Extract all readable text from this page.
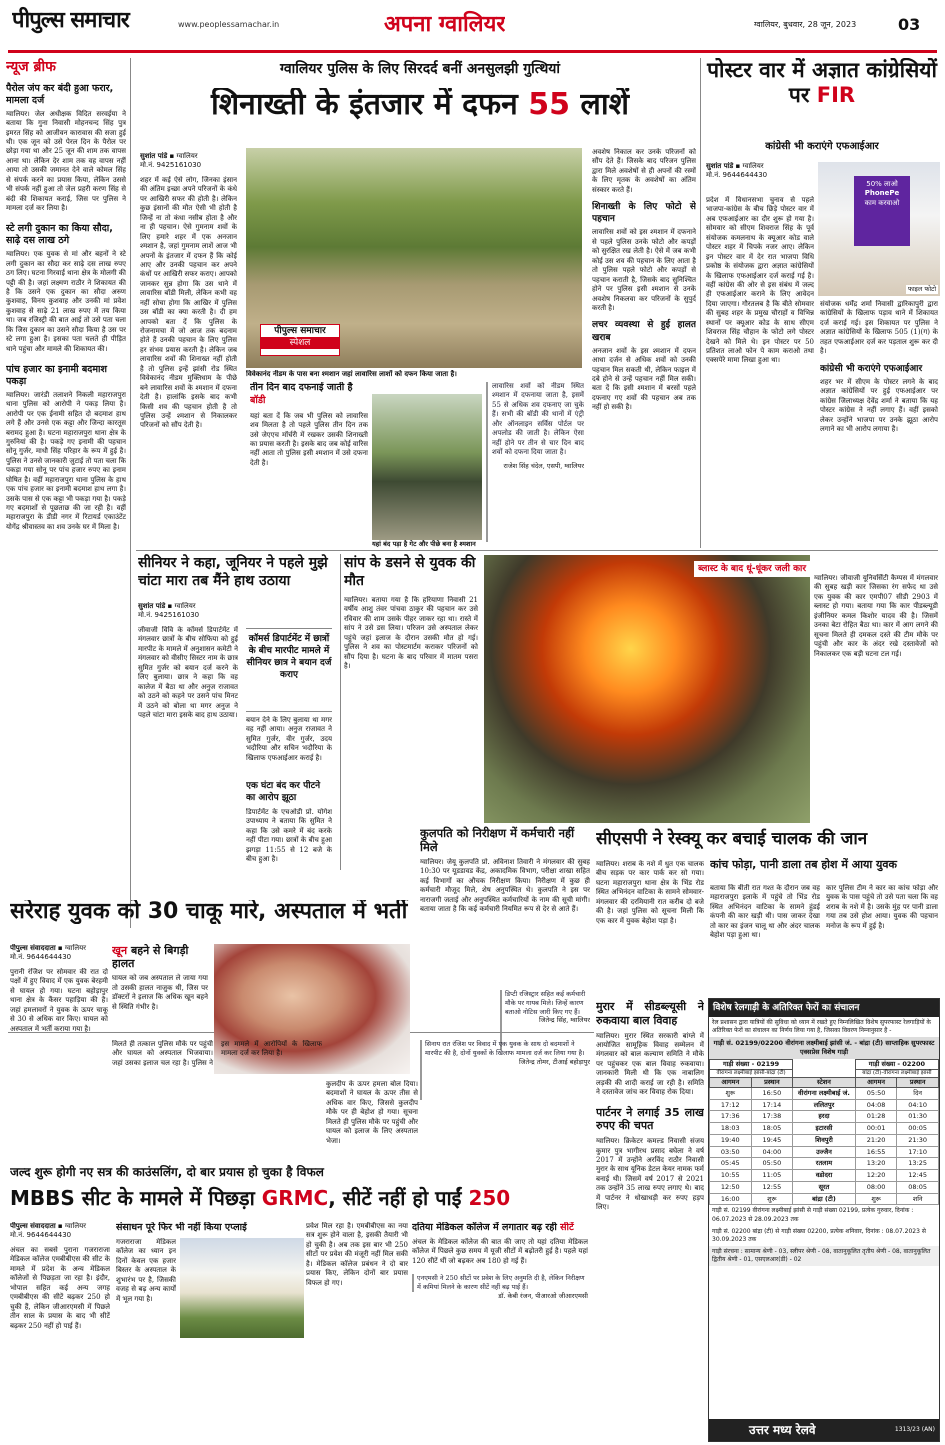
पीपुल्स समाचार	www.peoplessamachar.in	अपना ग्वालियर	ग्वालियर, बुधवार, 28 जून, 2023	03
न्यूज ब्रीफ
पैरोल जंप कर बंदी हुआ फरार, मामला दर्ज
ग्वालियर। जेल अधीक्षक विदित सरवईया ने बताया कि गुना निवासी मोहनचन्द सिंह पुत्र इमरत सिंह को आजीवन कारावास की सजा हुई थी। एक जून को उसे पेरल दिन के पैरोल पर छोड़ा गया था और 25 जून की शाम तक वापस आना था। लेकिन देर शाम तक वह वापस नहीं आया तो उसकी जमानत देने वाले कोमल सिंह से संपर्क करने का प्रयास किया, लेकिन उससे भी संपर्क नहीं हुआ तो जेल प्रहरी करण सिंह से बंदी की शिकायत कराई, जिस पर पुलिस ने मामला दर्ज कर लिया है।
स्टे लगी दुकान का किया सौदा, साढ़े दस लाख ठगे
ग्वालियर। एक युवक से मां और बहनों ने स्टे लगी दुकान का सौदा कर साढ़े दस लाख रुपए ठग लिए। घटना गिरवाई थाना क्षेत्र के मोलगी की पट्टी की है। जहां लक्ष्मण राठौर ने शिकायत की है कि उसने एक दुकान का सौदा अरुण कुशवाह, विनय कुशवाह और उनकी मां प्रवेश कुशवाह से साढ़े 21 लाख रुपए में तय किया था। जब रजिस्ट्री की बात आई तो उसे पता चला कि जिस दुकान का उसने सौदा किया है उस पर स्टे लगा हुआ है। इसका पता चलते ही पीड़ित थाने पहुंचा और मामले की शिकायत की।
पांच हजार का इनामी बदमाश पकड़ा
ग्वालियर। जारंडी तलाशने निकली महाराजपुरा थाना पुलिस को आरोपी ने पकड़ लिया है। आरोपी पर एक ईनामी सहित दो बदमाश हाथ लगे हैं और उनसे एक कट्टा और जिन्दा कारतूस बरामद हुआ है। घटना महाराजपुरा थाना क्षेत्र के गुरुनियां की है। पकड़े गए इनामी की पहचान सोनू गुर्जर, माधौ सिंह परिहार के रूप में हुई है। पुलिस ने उनसे जानकारी जुटाई तो पता चला कि पकड़ा गया सोनू पर पांच हजार रुपए का इनाम घोषित है। वहीं महाराजपुरा थाना पुलिस के हाथ एक पांच हजार का इनामी बदमाश हाथ लगा है। उसके पास से एक कट्टा भी पकड़ा गया है। पकड़े गए बदमाशों से पूछताछ की जा रही है। वहीं महाराजपुरा के डीडी नगर में रिटायर्ड एकाउंटेंट योगेंद्र श्रीवास्तव का शव उनके घर में मिला है।
ग्वालियर पुलिस के लिए सिरदर्द बनीं अनसुलझी गुत्थियां
शिनाख्ती के इंतजार में दफन 55 लाशें
सुशांत पांडे ▪ ग्वालियर
मो.नं. 9425161030
शहर में कई ऐसे लोग, जिनका इंसान की अंतिम इच्छा अपने परिजनों के कंधे पर आखिरी सफर की होती है। लेकिन कुछ इंसानों की मौत ऐसी भी होती है जिन्हें ना तो कंधा नसीब होता है और ना ही पहचान। ऐसे गुमनाम शवों के लिए हमारे शहर में एक अनजान श्मशान है, जहां गुमनाम लाशें आज भी अपनों के इंतजार में दफन हैं कि कोई आए और उनकी पहचान कर अपने कंधों पर आखिरी सफर कराए। आपको जानकर सुन्न होगा कि उस थाने में लावारिस बॉडी मिली, लेकिन कभी वह नहीं सोचा होगा कि आखिर में पुलिस उस बॉडी का क्या करती है। दी हम आपको बता दें कि पुलिस के रोजनामचा में जो आज तक बदनाम होते हैं उनकी पहचान के लिए पुलिस हर संभव प्रयास करती है। लेकिन जब लावारिस शवों की शिनाख्त नहीं होती है तो पुलिस इन्हें झांसी रोड स्थित विवेकानंद नीडम मुक्तिधाम के पीछे बने लावारिस शवों के श्मशान में दफना देती है। हालांकि इसके बाद कभी किसी शव की पहचान होती है तो पुलिस उन्हें श्मशान से निकालकर परिजनों को सौंप देती है।
पीपुल्स समाचार
स्पेशल
विवेकानंद नीडम के पास बना श्मशान जहां लावारिस लाशों को दफन किया जाता है।
तीन दिन बाद दफनाई जाती है बॉडी
यहां बता दें कि जब भी पुलिस को लावारिस शव मिलता है तो पहले पुलिस तीन दिन तक उसे जेएएच मॉर्चरी में रखकर उसकी शिनाख्ती का प्रयास करती है। इसके बाद जब कोई वारिस नहीं आता तो पुलिस इसी श्मशान में उसे दफना देती है।
यहां बंद पड़ा है गेट और पीछे बना है श्मशान
लावारिस शवों को नीडम स्थित श्मशान में दफनाया जाता है, इसमें 55 से अधिक शव दफनाए जा चुके हैं। सभी की बॉडी की थानों में एंट्री और ऑनलाइन सर्विस पोर्टल पर अपलोड की जाती है। लेकिन ऐसा नहीं होने पर तीन से चार दिन बाद शवों को दफना दिया जाता है।
राजेश सिंह चंदेल, एसपी, ग्वालियर
अवशेष निकाल कर उनके परिजनों को सौंप देते हैं। जिसके बाद परिजन पुलिस द्वारा मिले अवशेषों से ही अपनों की रस्मों के लिए मृतक के अवशेषों का अंतिम संस्कार करते हैं।
शिनाख्ती के लिए फोटो से पहचान
लावारिस शवों को इस श्मशान में दफनाने से पहले पुलिस उनके फोटो और कपड़ों को सुरक्षित रख लेती है। ऐसे में जब कभी कोई उस शव की पहचान के लिए आता है तो पुलिस पहले फोटो और कपड़ों से पहचान कराती है, जिसके बाद सुनिश्चित होने पर पुलिस इसी श्मशान से उनके अवशेष निकलवा कर परिजनों के सुपुर्द करती है।
लचर व्यवस्था से हुई हालत खराब
अनजान शवों के इस श्मशान में दफन आधा दर्जन से अधिक शवों को उनकी पहचान मिल सकती थी, लेकिन फाइल में दबे होने से उन्हें पहचान नहीं मिल सकी। बता दें कि इसी श्मशान में बरसों पहले दफनाए गए शवों की पहचान अब तक नहीं हो सकी है।
पोस्टर वार में अज्ञात कांग्रेसियों पर FIR
कांग्रेसी भी कराएंगे एफआईआर
सुशांत पांडे ▪ ग्वालियर
मो.नं. 9644644430
50% लाओ
PhonePe
काम करवाओ
फाइल फोटो
प्रदेश में विधानसभा चुनाव से पहले भाजपा-कांग्रेस के बीच छिड़े पोस्टर वार में अब एफआईआर का दौर शुरू हो गया है। सोमवार को सीएम शिवराज सिंह के पूर्व संयोजक कमलनाथ के क्यूआर कोड वाले पोस्टर शहर में चिपके नजर आए। लेकिन इन पोस्टर वार में देर रात भाजपा विधि प्रकोष्ठ के संयोजक द्वारा अज्ञात कांग्रेसियों के खिलाफ एफआईआर दर्ज कराई गई है। वहीं कांग्रेस की ओर से इस संबंध में जल्द ही एफआईआर कराने के लिए आवेदन दिया जाएगा। गौरतलब है कि बीते सोमवार की सुबह शहर के प्रमुख चौराहों व विभिन्न स्थानों पर क्यूआर कोड के साथ सीएम शिवराज सिंह चौहान के फोटो लगे पोस्टर देखने को मिले थे। इन पोस्टर पर 50 प्रतिशत लाओ फोन पे काम कराओ तथा एक्सपेरे मामा लिखा हुआ था।
संयोजक धर्मेंद्र शर्मा निवासी द्वारिकापुरी द्वारा कांग्रेसियों के खिलाफ पड़ाव थाने में शिकायत दर्ज कराई गई। इस शिकायत पर पुलिस ने अज्ञात कांग्रेसियों के खिलाफ 505 (1)(ग) के तहत एफआईआर दर्ज कर पड़ताल शुरू कर दी है।
कांग्रेसी भी कराएंगे एफआईआर
शहर भर में सीएम के पोस्टर लगने के बाद अज्ञात कांग्रेसियों पर हुई एफआईआर पर कांग्रेस जिलाध्यक्ष देवेंद्र शर्मा ने बताया कि यह पोस्टर कांग्रेस ने नहीं लगाए हैं। वहीं इसको लेकर उन्होंने भाजपा पर उनके झूठा आरोप लगाने का भी आरोप लगाया है।
सीनियर ने कहा, जूनियर ने पहले मुझे चांटा मारा तब मैंने हाथ उठाया
सुशांत पांडे ▪ ग्वालियर
मो.नं. 9425161030
जीवाजी विवि के कॉमर्स डिपार्टमेंट में मंगलवार छात्रों के बीच सोफिया को हुई मारपीट के मामले में अनुशासन कमेटी ने मंगलवार को वीसीए सिस्टर नाम के छात्र सुमित गुर्जर को बयान दर्ज करने के लिए बुलाया। छात्र ने कहा कि वह कालेज में बैठा था और अनुज राजावत को उठने को कहने पर उसने पांच मिनट में उठने को बोला था मगर अनुज ने पहले चांटा मारा इसके बाद हाथ उठाया।
कॉमर्स डिपार्टमेंट में छात्रों के बीच मारपीट मामले में सीनियर छात्र ने बयान दर्ज कराए
बयान देने के लिए बुलाया था मगर वह नहीं आया। अनुज राजावत ने सुमित गुर्जर, वीर गुर्जर, उदय भदौरिया और सचिन भदौरिया के खिलाफ एफआईआर कराई है।
एक घंटा बंद कर पीटने का आरोप झूठा
डिपार्टमेंट के एचओडी प्रो. योगेश उपाध्याय ने बताया कि सुमित ने कहा कि उसे कमरे में बंद करके नहीं पीटा गया। छात्रों के बीच हुआ झगड़ा 11:55 से 12 बजे के बीच हुआ है।
सांप के डसने से युवक की मौत
ग्वालियर। बताया गया है कि हरियाणा निवासी 21 वर्षीय आशु तंवर पांचवा ठाकुर की पहचान कर उसे रविवार की शाम उसके पीहर जाकर रहा था। रास्ते में सांप ने उसे डस लिया। परिजन उसे अस्पताल लेकर पहुंचे जहां इलाज के दौरान उसकी मौत हो गई। पुलिस ने शव का पोस्टमार्टम कराकर परिजनों को सौंप दिया है। घटना के बाद परिवार में मातम पसरा है।
कुलपति को निरीक्षण में कर्मचारी नहीं मिले
ग्वालियर। जेयू कुलपति प्रो. अविनाश तिवारी ने मंगलवार की सुबह 10:30 पर यूडडावड केंद्र, अकादमिक विभाग, परीक्षा शाखा सहित कई विभागों का औचक निरीक्षण किया। निरीक्षण में कुछ ही कर्मचारी मौजूद मिले, शेष अनुपस्थित थे। कुलपति ने इस पर नाराजगी जताई और अनुपस्थित कर्मचारियों के नाम की सूची मांगी। बताया जाता है कि कई कर्मचारी नियमित रूप से देर से आते हैं।
डिप्टी रजिस्ट्रार सहित कई कर्मचारी मौके पर गायब मिले। जिन्हें कारण बताओ नोटिस जारी किए गए हैं।
जितेन्द्र सिंह, ग्वालियर
ब्लास्ट के बाद धूं-धूंकर जली कार
ग्वालियर। जीवाजी यूनिवर्सिटी कैम्पस में मंगलवार की सुबह खड़ी कार जिसका रंग सफेद था उसे एक युवक की कार एमपी07 सीडी 2903 में ब्लास्ट हो गया। बताया गया कि कार पीडब्ल्यूडी इंजीनियर कमल किशोर यादव की है। जिसमें उनका बेटा रोहित बैठा था। कार में आग लगने की सूचना मिलते ही दमकल दस्ते की टीम मौके पर पहुंची और कार के अंदर रखे दस्तावेजों को निकालकर एक बड़ी घटना टल गई।
सीएसपी ने रेस्क्यू कर बचाई चालक की जान
कांच फोड़ा, पानी डाला तब होश में आया युवक
ग्वालियर। शराब के नशे में धुत एक चालक बीच सड़क पर कार पार्क कर सो गया। घटना महाराजपुरा थाना क्षेत्र के भिंड रोड स्थित अभिनंदन वाटिका के सामने सोमवार-मंगलवार की दरमियानी रात करीब दो बजे की है। जहां पुलिस को सूचना मिली कि एक कार में युवक बेहोश पड़ा है।
बताया कि बीती रात गश्त के दौरान जब वह महाराजपुरा इलाके में पहुंचे तो भिंड रोड स्थित अभिनंदन वाटिका के सामने हुंडई कंपनी की कार खड़ी थी। पास जाकर देखा तो कार का इंजन चालू था और अंदर चालक बेहोश पड़ा हुआ था।
कार पुलिस टीम ने कार का कांच फोड़ा और युवक के पास पहुंचे तो उसे पता चला कि वह शराब के नशे में है। उसके मुंह पर पानी डाला गया तब उसे होश आया। युवक की पहचान मनोज के रूप में हुई है।
सरेराह युवक को 30 चाकू मारे, अस्पताल में भर्ती
पीपुल्स संवाददाता ▪ ग्वालियर
मो.नं. 9644644430
पुरानी रंजिश पर सोमवार की रात दो पक्षों में हुए विवाद में एक युवक बेरहमी से घायल हो गया। घटना बहोड़ापुर थाना क्षेत्र के कैंसर पहाड़िया की है। जहां हमलावरों ने युवक के ऊपर चाकू से 30 से अधिक वार किए। घायल को अस्पताल में भर्ती कराया गया है।
खून बहने से बिगड़ी हालत
घायल को जब अस्पताल ले जाया गया तो उसकी हालत नाजुक थी, जिस पर डॉक्टरों ने इलाज कि अधिक खून बहने से स्थिति गंभीर है।
मिलते ही तत्काल पुलिस मौके पर पहुंची और घायल को अस्पताल भिजवाया। जहां उसका इलाज चल रहा है। पुलिस ने इस मामले में आरोपियों के खिलाफ मामला दर्ज कर लिया है।
कुलदीप के ऊपर हमला बोल दिया। बदमाशों ने घायल के ऊपर तीस से अधिक वार किए, जिससे कुलदीप मौके पर ही बेहोश हो गया। सूचना मिलते ही पुलिस मौके पर पहुंची और घायल को इलाज के लिए अस्पताल भेजा।
सिनाय रात रंजिश पर विवाद में एक युवक के साथ दो बदमाशों ने मारपीट की है, दोनों युवकों के खिलाफ मामला दर्ज कर लिया गया है।
जितेन्द्र तोमर, टीआई बहोड़ापुर
मुरार में सीडब्ल्यूसी ने रुकवाया बाल विवाह
ग्वालियर। मुरार स्थित सरकारी बांग्ले में आयोजित सामूहिक विवाह सम्मेलन में मंगलवार को बाल कल्याण समिति ने मौके पर पहुंचकर एक बाल विवाह रुकवाया। जानकारी मिली थी कि एक नाबालिग लड़की की शादी कराई जा रही है। समिति ने दस्तावेज जांच कर विवाह रोक दिया।
पार्टनर ने लगाई 35 लाख रुपए की चपत
ग्वालियर। क्रिकेटर कमल्ड निवासी संजय कुमार पुत्र भागीरथ प्रसाद बघेला ने वर्ष 2017 में उन्होंने अरविंद राठौर निवासी मुरार के साथ यूनिक डेटल केयर नामक फर्म बनाई थी। जिसमें वर्ष 2017 से 2021 तक उन्होंने 35 लाख रुपए लगाए थे। बाद में पार्टनर ने धोखाधड़ी कर रुपए हड़प लिए।
जल्द शुरू होगी नए सत्र की काउंसलिंग, दो बार प्रयास हो चुका है विफल
MBBS सीट के मामले में पिछड़ा GRMC, सीटें नहीं हो पाईं 250
पीपुल्स संवाददाता ▪ ग्वालियर
मो.नं. 9644644430
अंचल का सबसे पुराना गजराराजा मेडिकल कॉलेज एमबीबीएस की सीट के मामले में प्रदेश के अन्य मेडिकल कॉलेजों से पिछड़ता जा रहा है। इंदौर, भोपाल सहित कई अन्य जगह एमबीबीएस की सीटें बढ़कर 250 हो चुकी हैं, लेकिन जीआरएमसी में पिछले तीन साल के प्रयास के बाद भी सीटें बढ़कर 250 नहीं हो पाई हैं।
संसाधन पूरे फिर भी नहीं किया एप्लाई
गजराराजा मेडिकल कॉलेज का ध्यान इन दिनों केवल एक हजार बिस्तर के अस्पताल के शुभारंभ पर है, जिसकी वजह से बढ़ अन्य कार्यों में भूल गया है।
प्रवेश मिल रहा है। एमबीबीएस का नया सत्र शुरू होने वाला है, इसकी तैयारी भी हो चुकी है। अब तक इस बार भी 250 सीटों पर प्रवेश की मंजूरी नहीं मिल सकी है। मेडिकल कॉलेज प्रबंधन ने दो बार प्रयास किए, लेकिन दोनों बार प्रयास विफल हो गए।
दतिया मेडिकल कॉलेज में लगातार बढ़ रही सीटें
अंचल के मेडिकल कॉलेज की बात की जाए तो यहां दतिया मेडिकल कॉलेज में पिछले कुछ समय में यूजी सीटों में बढ़ोतरी हुई है। पहले यहां 120 सीटें थीं जो बढ़कर अब 180 हो गई हैं।
एनएमसी ने 250 सीटों पर प्रवेश के लिए अनुमति दी है, लेकिन निरीक्षण में कमियां मिलने के कारण सीटें नहीं बढ़ पाई हैं।
डॉ. केबी रंजन, पीआरओ जीआरएमसी
विशेष रेलगाड़ी के अतिरिक्त फेरों का संचालन
रेल प्रशासन द्वारा यात्रियों की सुविधा को ध्यान में रखते हुए निम्नलिखित विशेष सुपरफास्ट रेलगाड़ियों के अतिरिक्त फेरों का संचालन का निर्णय लिया गया है, जिसका विवरण निम्नानुसार है -
गाड़ी सं. 02199/02200 वीरांगना लक्ष्मीबाई झांसी जं. - बांद्रा (टी) साप्ताहिक सुपरफास्ट एक्सप्रेस विशेष गाड़ी
गाड़ी संख्या - 02199			गाड़ी संख्या - 02200	
वीरांगना लक्ष्मीबाई झांसी-बांद्रा (टी)			बांद्रा (टी)-वीरांगना लक्ष्मीबाई झांसी	
आगमन	प्रस्थान	स्टेशन	आगमन	प्रस्थान
शुरू	16:50	वीरांगना लक्ष्मीबाई जं.	05:50	दिन
17:12	17:14	ललितपुर	04:08	04:10
17:36	17:38	हरदा	01:28	01:30
18:03	18:05	इटारसी	00:01	00:05
19:40	19:45	शिवपुरी	21:20	21:30
03:50	04:00	उज्जैन	16:55	17:10
05:45	05:50	रतलाम	13:20	13:25
10:55	11:05	वडोदरा	12:20	12:45
12:50	12:55	सूरत	08:00	08:05
16:00	शुरू	बांद्रा (टी)	शुरू	शनि
गाड़ी सं. 02199 वीरांगना लक्ष्मीबाई झांसी से गाड़ी संख्या 02199, प्रत्येक गुरुवार, दिनांक : 06.07.2023 से 28.09.2023 तक
गाड़ी सं. 02200 बांद्रा (टी) से गाड़ी संख्या 02200, प्रत्येक शनिवार, दिनांक : 08.07.2023 से 30.09.2023 तक
गाड़ी संरचना : सामान्य श्रेणी - 03, स्लीपर श्रेणी - 08, वातानुकूलित तृतीय श्रेणी - 08, वातानुकूलित द्वितीय श्रेणी - 01, एसएलआर(डी) - 02
उत्तर मध्य रेलवे	1313/23 (AN)
